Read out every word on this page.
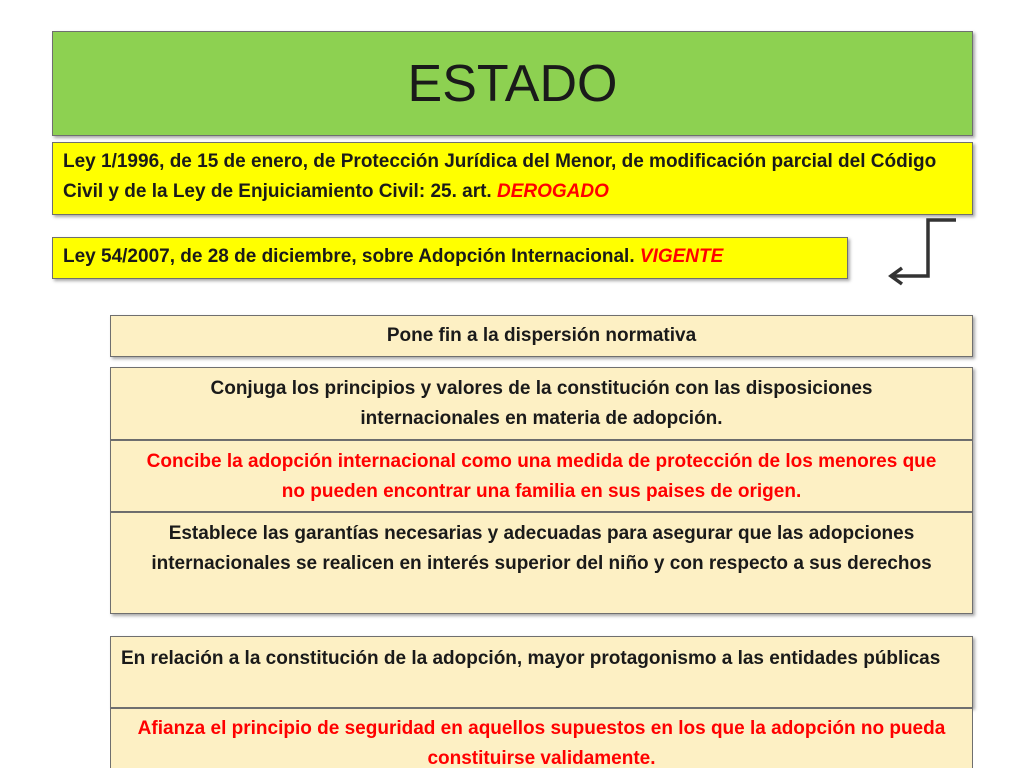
ESTADO
Ley 1/1996, de 15 de enero, de Protección Jurídica del Menor, de modificación parcial del Código Civil y de la Ley de Enjuiciamiento Civil: 25. art. DEROGADO
Ley 54/2007, de 28 de diciembre, sobre Adopción Internacional. VIGENTE
Pone fin a la dispersión normativa
Conjuga los principios y valores de la constitución con las disposiciones internacionales en materia de adopción.
Concibe la adopción internacional como una medida de protección de los menores que no pueden encontrar una familia en sus paises de origen.
Establece las garantías necesarias y adecuadas para asegurar que las adopciones internacionales se realicen en interés superior del niño y con respecto a sus derechos
En relación a la constitución de la adopción, mayor protagonismo a las entidades públicas
Afianza el principio de seguridad en aquellos supuestos en los que la adopción no pueda constituirse validamente.
